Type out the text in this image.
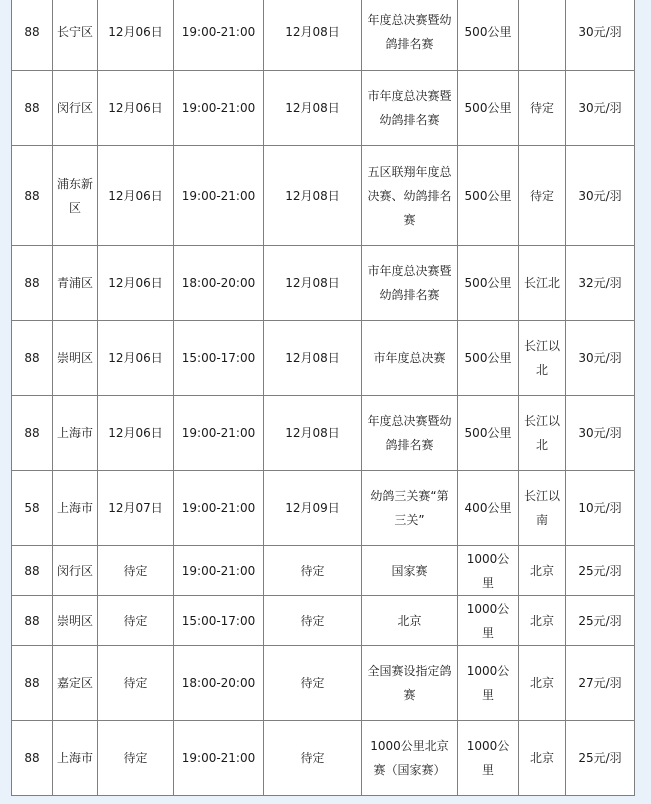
88	长宁区	12月06日	19:00-21:00	12月08日	年度总决赛暨幼鸽排名赛	500公里		30元/羽
88	闵行区	12月06日	19:00-21:00	12月08日	市年度总决赛暨幼鸽排名赛	500公里	待定	30元/羽
88	浦东新区	12月06日	19:00-21:00	12月08日	五区联翔年度总决赛、幼鸽排名赛	500公里	待定	30元/羽
88	青浦区	12月06日	18:00-20:00	12月08日	市年度总决赛暨幼鸽排名赛	500公里	长江北	32元/羽
88	崇明区	12月06日	15:00-17:00	12月08日	市年度总决赛	500公里	长江以北	30元/羽
88	上海市	12月06日	19:00-21:00	12月08日	年度总决赛暨幼鸽排名赛	500公里	长江以北	30元/羽
58	上海市	12月07日	19:00-21:00	12月09日	幼鸽三关赛“第三关”	400公里	长江以南	10元/羽
88	闵行区	待定	19:00-21:00	待定	国家赛	1000公里	北京	25元/羽
88	崇明区	待定	15:00-17:00	待定	北京	1000公里	北京	25元/羽
88	嘉定区	待定	18:00-20:00	待定	全国赛设指定鸽赛	1000公里	北京	27元/羽
88	上海市	待定	19:00-21:00	待定	1000公里北京赛（国家赛）	1000公里	北京	25元/羽
